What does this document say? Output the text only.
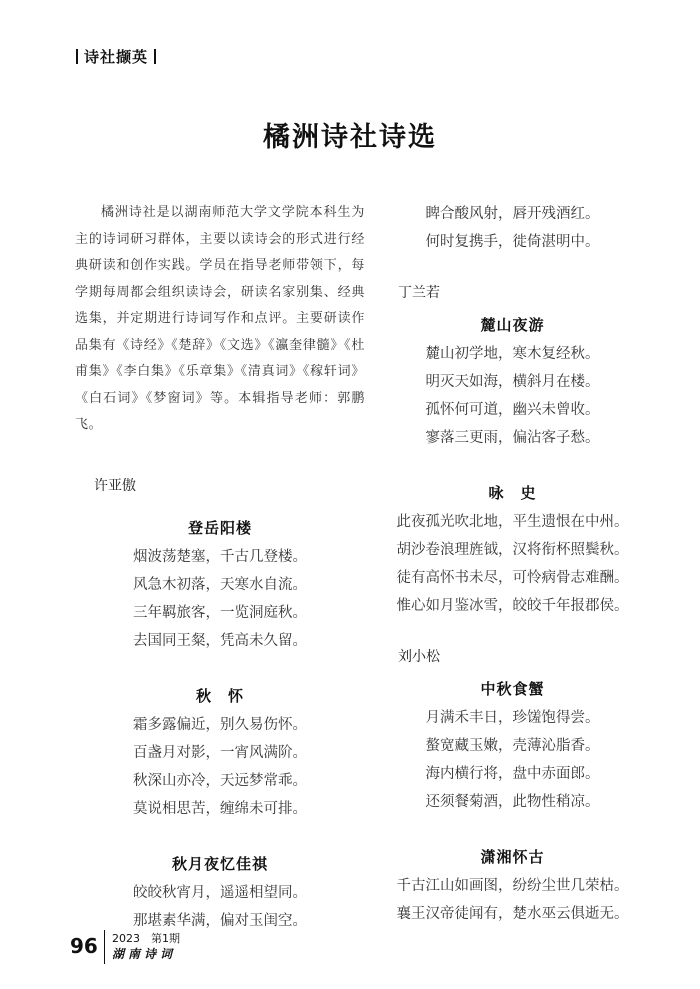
诗社撷英
橘洲诗社诗选

橘洲诗社是以湖南师范大学文学院本科生为主的诗词研习群体，主要以读诗会的形式进行经典研读和创作实践。学员在指导老师带领下，每学期每周都会组织读诗会，研读名家别集、经典选集，并定期进行诗词写作和点评。主要研读作品集有《诗经》《楚辞》《文选》《瀛奎律髓》《杜甫集》《李白集》《乐章集》《清真词》《稼轩词》《白石词》《梦窗词》等。本辑指导老师：郭鹏飞。

许亚傲

登岳阳楼

烟波荡楚塞，千古几登楼。

风急木初落，天寒水自流。

三年羁旅客，一览洞庭秋。

去国同王粲，凭高未久留。

秋　怀

霜多露偏近，别久易伤怀。

百盏月对影，一宵风满阶。

秋深山亦冷，天远梦常乖。

莫说相思苦，缠绵未可排。

秋月夜忆佳祺

皎皎秋宵月，遥遥相望同。

那堪素华满，偏对玉闺空。

睥合酸风射，唇开残酒红。

何时复携手，徙倚湛明中。

丁兰若

麓山夜游

麓山初学地，寒木复经秋。

明灭天如海，横斜月在楼。

孤怀何可道，幽兴未曾收。

寥落三更雨，偏沾客子愁。

咏　史

此夜孤光吹北地，平生遗恨在中州。

胡沙卷浪理旌钺，汉将衔杯照鬓秋。

徒有高怀书未尽，可怜病骨志难酬。

惟心如月鉴冰雪，皎皎千年报郡侯。

刘小松

中秋食蟹

月满禾丰日，珍馐饱得尝。

螯宽藏玉嫩，壳薄沁脂香。

海内横行将，盘中赤面郎。

还须餐菊酒，此物性稍凉。

潇湘怀古

千古江山如画图，纷纷尘世几荣枯。

襄王汉帝徒闻有，楚水巫云俱逝无。

96 2023　第1期
湖南诗词
